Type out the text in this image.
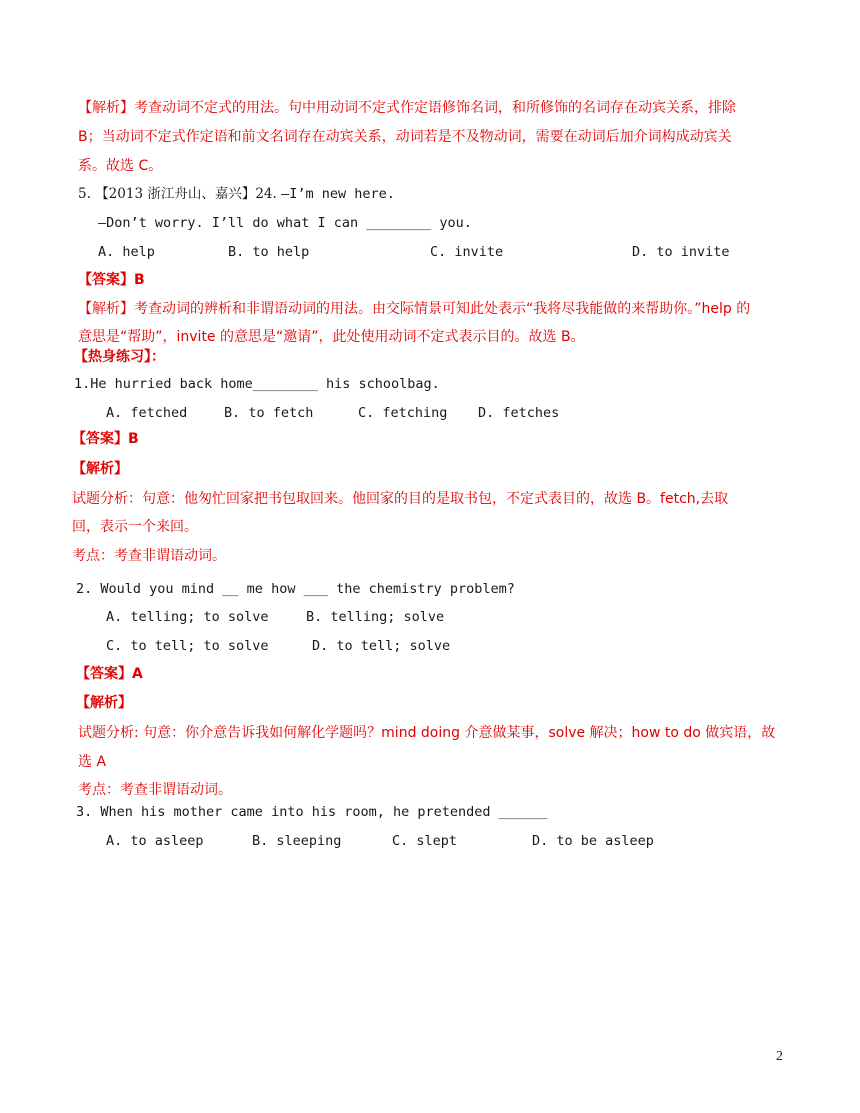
【解析】考查动词不定式的用法。句中用动词不定式作定语修饰名词，和所修饰的名词存在动宾关系，排除
B；当动词不定式作定语和前文名词存在动宾关系，动词若是不及物动词，需要在动词后加介词构成动宾关
系。故选 C。
5. 【2013 浙江舟山、嘉兴】24. —I’m new here.
—Don’t worry. I’ll do what I can ________ you.
A. help	B. to help	C. invite	D. to invite
【答案】B
【解析】考查动词的辨析和非谓语动词的用法。由交际情景可知此处表示“我将尽我能做的来帮助你。”help 的
意思是“帮助”，invite 的意思是“邀请”，此处使用动词不定式表示目的。故选 B。
【热身练习】：
1.He hurried back home________ his schoolbag.
A. fetched	B. to fetch	C. fetching D. fetches
【答案】B
【解析】
试题分析：句意：他匆忙回家把书包取回来。他回家的目的是取书包，不定式表目的，故选 B。fetch,去取
回，表示一个来回。
考点：考查非谓语动词。
2. Would you mind __ me how ___ the chemistry problem?
A. telling; to solve	B. telling; solve
C. to tell; to solve	D. to tell; solve
【答案】A
【解析】
试题分析: 句意：你介意告诉我如何解化学题吗？mind doing 介意做某事，solve 解决；how to do 做宾语，故
选 A
考点：考查非谓语动词。
3. When his mother came into his room, he pretended ______
A. to asleep	B. sleeping	C. slept	D. to be asleep
2
